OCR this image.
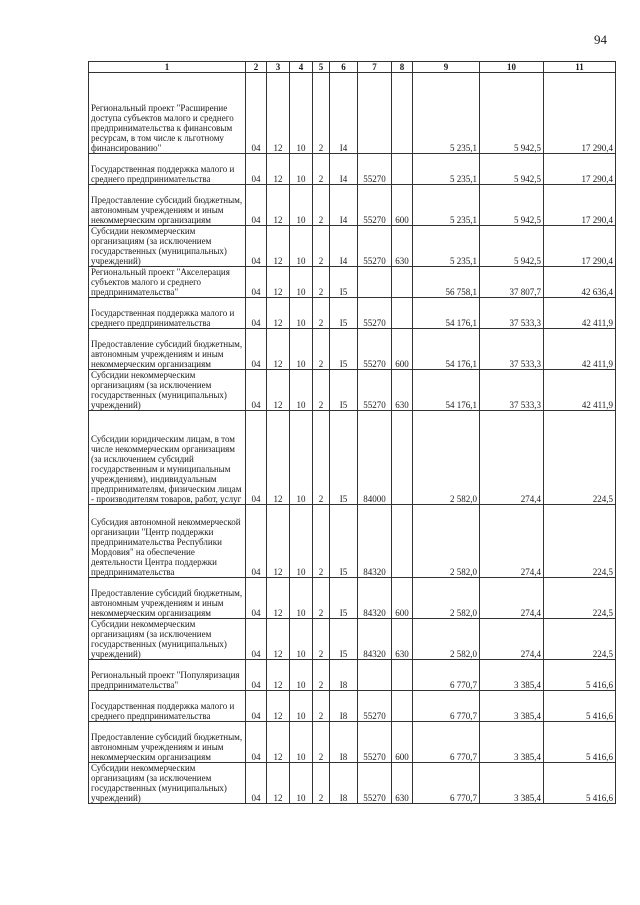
94
1	2	3	4	5	6	7	8	9	10	11
Региональный проект "Расширение доступа субъектов малого и среднего предпринимательства к финансовым ресурсам, в том числе к льготному финансированию"	04	12	10	2	I4			5 235,1	5 942,5	17 290,4
Государственная поддержка малого и среднего предпринимательства	04	12	10	2	I4	55270		5 235,1	5 942,5	17 290,4
Предоставление субсидий бюджетным, автономным учреждениям и иным некоммерческим организациям	04	12	10	2	I4	55270	600	5 235,1	5 942,5	17 290,4
Субсидии некоммерческим организациям (за исключением государственных (муниципальных) учреждений)	04	12	10	2	I4	55270	630	5 235,1	5 942,5	17 290,4
Региональный проект "Акселерация субъектов малого и среднего предпринимательства"	04	12	10	2	I5			56 758,1	37 807,7	42 636,4
Государственная поддержка малого и среднего предпринимательства	04	12	10	2	I5	55270		54 176,1	37 533,3	42 411,9
Предоставление субсидий бюджетным, автономным учреждениям и иным некоммерческим организациям	04	12	10	2	I5	55270	600	54 176,1	37 533,3	42 411,9
Субсидии некоммерческим организациям (за исключением государственных (муниципальных) учреждений)	04	12	10	2	I5	55270	630	54 176,1	37 533,3	42 411,9
Субсидии юридическим лицам, в том числе некоммерческим организациям (за исключением субсидий государственным и муниципальным учреждениям), индивидуальным предпринимателям, физическим лицам - производителям товаров, работ, услуг	04	12	10	2	I5	84000		2 582,0	274,4	224,5
Субсидия автономной некоммерческой организации "Центр поддержки предпринимательства Республики Мордовия" на обеспечение деятельности Центра поддержки предпринимательства	04	12	10	2	I5	84320		2 582,0	274,4	224,5
Предоставление субсидий бюджетным, автономным учреждениям и иным некоммерческим организациям	04	12	10	2	I5	84320	600	2 582,0	274,4	224,5
Субсидии некоммерческим организациям (за исключением государственных (муниципальных) учреждений)	04	12	10	2	I5	84320	630	2 582,0	274,4	224,5
Региональный проект "Популяризация предпринимательства"	04	12	10	2	I8			6 770,7	3 385,4	5 416,6
Государственная поддержка малого и среднего предпринимательства	04	12	10	2	I8	55270		6 770,7	3 385,4	5 416,6
Предоставление субсидий бюджетным, автономным учреждениям и иным некоммерческим организациям	04	12	10	2	I8	55270	600	6 770,7	3 385,4	5 416,6
Субсидии некоммерческим организациям (за исключением государственных (муниципальных) учреждений)	04	12	10	2	I8	55270	630	6 770,7	3 385,4	5 416,6
